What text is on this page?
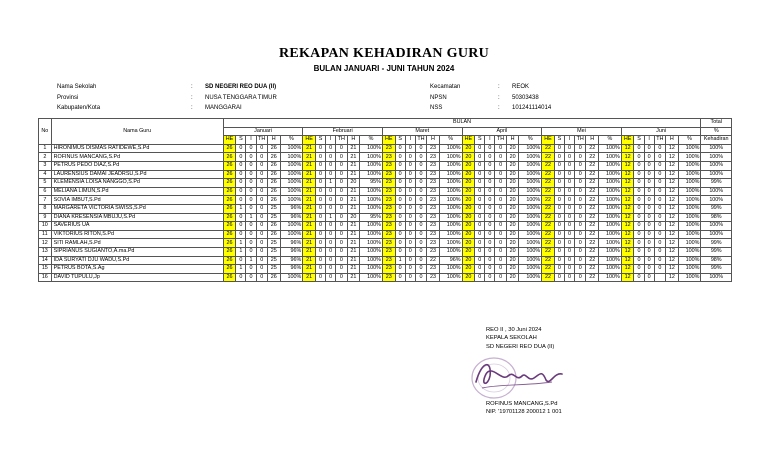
REKAPAN KEHADIRAN GURU
BULAN JANUARI - JUNI TAHUN 2024
Nama Sekolah	:	SD NEGERI REO DUA (II)
Provinsi	:	NUSA TENGGARA TIMUR
Kabupaten/Kota	:	MANGGARAI
Kecamatan	:	REOK
NPSN	:	50303438
NSS	:	101241114014
No	Nama Guru	BULAN																																				Total
		Januari						Februari						Maret						April						Mei						Juni						%
		HE	S	I	TH	H	%	HE	S	I	TH	H	%	HE	S	I	TH	H	%	HE	S	I	TH	H	%	HE	S	I	TH	H	%	HE	S	I	TH	H	%	Kehadiran
1	HIRONIMUS DISMAS RATIDEWE,S.Pd	26	0	0	0	26	100%	21	0	0	0	21	100%	23	0	0	0	23	100%	20	0	0	0	20	100%	22	0	0	0	22	100%	12	0	0	0	12	100%	100%
2	ROFINUS MANCANG,S.Pd	26	0	0	0	26	100%	21	0	0	0	21	100%	23	0	0	0	23	100%	20	0	0	0	20	100%	22	0	0	0	22	100%	12	0	0	0	12	100%	100%
3	PETRUS PEDO DIAZ,S.Pd	26	0	0	0	26	100%	21	0	0	0	21	100%	23	0	0	0	23	100%	20	0	0	0	20	100%	22	0	0	0	22	100%	12	0	0	0	12	100%	100%
4	LAURENSIUS DAMAI JEADRSU,S.Pd	26	0	0	0	26	100%	21	0	0	0	21	100%	23	0	0	0	23	100%	20	0	0	0	20	100%	22	0	0	0	22	100%	12	0	0	0	12	100%	100%
5	KLEMENSIA LOISA NANGGO,S.Pd	26	0	0	0	26	100%	21	0	1	0	20	95%	23	0	0	0	23	100%	20	0	0	0	20	100%	22	0	0	0	22	100%	12	0	0	0	12	100%	99%
6	MELIANA LIMUN,S.Pd	26	0	0	0	26	100%	21	0	0	0	21	100%	23	0	0	0	23	100%	20	0	0	0	20	100%	22	0	0	0	22	100%	12	0	0	0	12	100%	100%
7	SOVIA IMBUT,S.Pd	26	0	0	0	26	100%	21	0	0	0	21	100%	23	0	0	0	23	100%	20	0	0	0	20	100%	22	0	0	0	22	100%	12	0	0	0	12	100%	100%
8	MARGARETA VICTORIA SWISS,S.Pd	26	1	0	0	25	96%	21	0	0	0	21	100%	23	0	0	0	23	100%	20	0	0	0	20	100%	22	0	0	0	22	100%	12	0	0	0	12	100%	99%
9	DIANA KRESENSIA MBUJU,S.Pd	26	0	1	0	25	96%	21	0	1	0	20	95%	23	0	0	0	23	100%	20	0	0	0	20	100%	22	0	0	0	22	100%	12	0	0	0	12	100%	98%
10	SAVERIUS UA	26	0	0	0	26	100%	21	0	0	0	21	100%	23	0	0	0	23	100%	20	0	0	0	20	100%	22	0	0	0	22	100%	12	0	0	0	12	100%	100%
11	VIKTORIUS RITON,S.Pd	26	0	0	0	26	100%	21	0	0	0	21	100%	23	0	0	0	23	100%	20	0	0	0	20	100%	22	0	0	0	22	100%	12	0	0	0	12	100%	100%
12	SITI RAMLAH,S.Pd	26	1	0	0	25	96%	21	0	0	0	21	100%	23	0	0	0	23	100%	20	0	0	0	20	100%	22	0	0	0	22	100%	12	0	0	0	12	100%	99%
13	SIPRIANUS SUGIANTO,A.ma.Pd	26	1	0	0	25	96%	21	0	0	0	21	100%	23	0	0	0	23	100%	20	0	0	0	20	100%	22	0	0	0	22	100%	12	0	0	0	12	100%	99%
14	IDA SURYATI DJU WADU,S.Pd	26	0	1	0	25	96%	21	0	0	0	21	100%	23	1	0	0	22	96%	20	0	0	0	20	100%	22	0	0	0	22	100%	12	0	0	0	12	100%	98%
15	PETRUS BOTA,S.Ag	26	1	0	0	25	96%	21	0	0	0	21	100%	23	0	0	0	23	100%	20	0	0	0	20	100%	22	0	0	0	22	100%	12	0	0	0	12	100%	99%
16	DAVID TUPULU,Jp	26	0	0	0	26	100%	21	0	0	0	21	100%	23	0	0	0	23	100%	20	0	0	0	20	100%	22	0	0	0	22	100%	12	0	0		12	100%	100%
REO II , 30 Juni 2024
KEPALA SEKOLAH
SD NEGERI REO DUA (II)
ROFINUS MANCANG,S.Pd
NIP. '19701128 200012 1 001
